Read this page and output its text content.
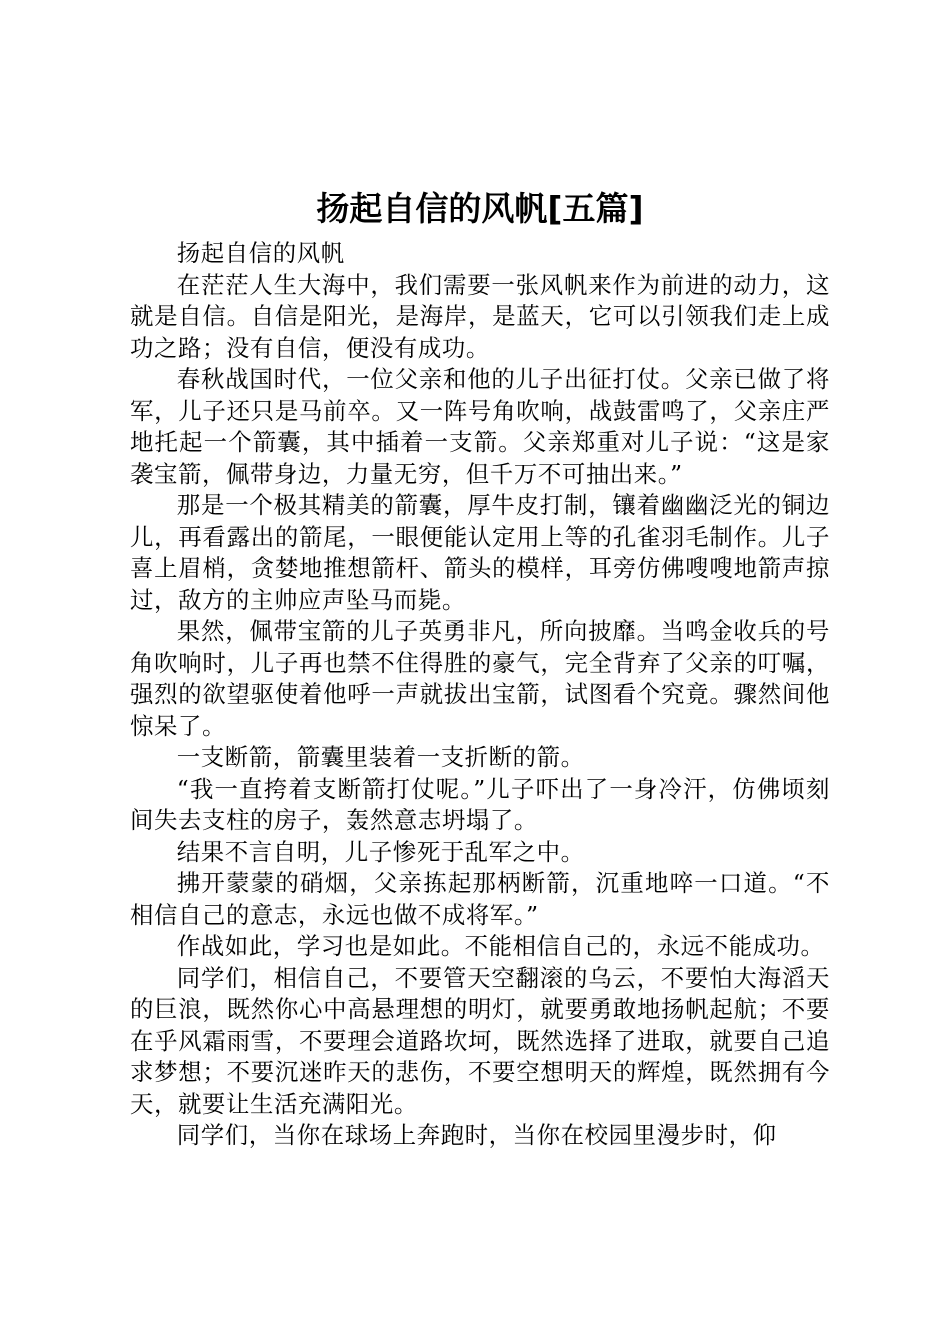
扬起自信的风帆[五篇]

扬起自信的风帆

在茫茫人生大海中，我们需要一张风帆来作为前进的动力，这就是自信。自信是阳光，是海岸，是蓝天，它可以引领我们走上成功之路；没有自信，便没有成功。

春秋战国时代，一位父亲和他的儿子出征打仗。父亲已做了将军，儿子还只是马前卒。又一阵号角吹响，战鼓雷鸣了，父亲庄严地托起一个箭囊，其中插着一支箭。父亲郑重对儿子说：“这是家袭宝箭，佩带身边，力量无穷，但千万不可抽出来。”

那是一个极其精美的箭囊，厚牛皮打制，镶着幽幽泛光的铜边儿，再看露出的箭尾，一眼便能认定用上等的孔雀羽毛制作。儿子喜上眉梢，贪婪地推想箭杆、箭头的模样，耳旁仿佛嗖嗖地箭声掠过，敌方的主帅应声坠马而毙。

果然，佩带宝箭的儿子英勇非凡，所向披靡。当鸣金收兵的号角吹响时，儿子再也禁不住得胜的豪气，完全背弃了父亲的叮嘱，强烈的欲望驱使着他呼一声就拔出宝箭，试图看个究竟。骤然间他惊呆了。

一支断箭，箭囊里装着一支折断的箭。

“我一直挎着支断箭打仗呢。”儿子吓出了一身冷汗，仿佛顷刻间失去支柱的房子，轰然意志坍塌了。

结果不言自明，儿子惨死于乱军之中。

拂开蒙蒙的硝烟，父亲拣起那柄断箭，沉重地啐一口道。“不相信自己的意志，永远也做不成将军。”

作战如此，学习也是如此。不能相信自己的，永远不能成功。

同学们，相信自己，不要管天空翻滚的乌云，不要怕大海滔天的巨浪，既然你心中高悬理想的明灯，就要勇敢地扬帆起航；不要在乎风霜雨雪，不要理会道路坎坷，既然选择了进取，就要自己追求梦想；不要沉迷昨天的悲伤，不要空想明天的辉煌，既然拥有今天，就要让生活充满阳光。

同学们，当你在球场上奔跑时，当你在校园里漫步时，仰
